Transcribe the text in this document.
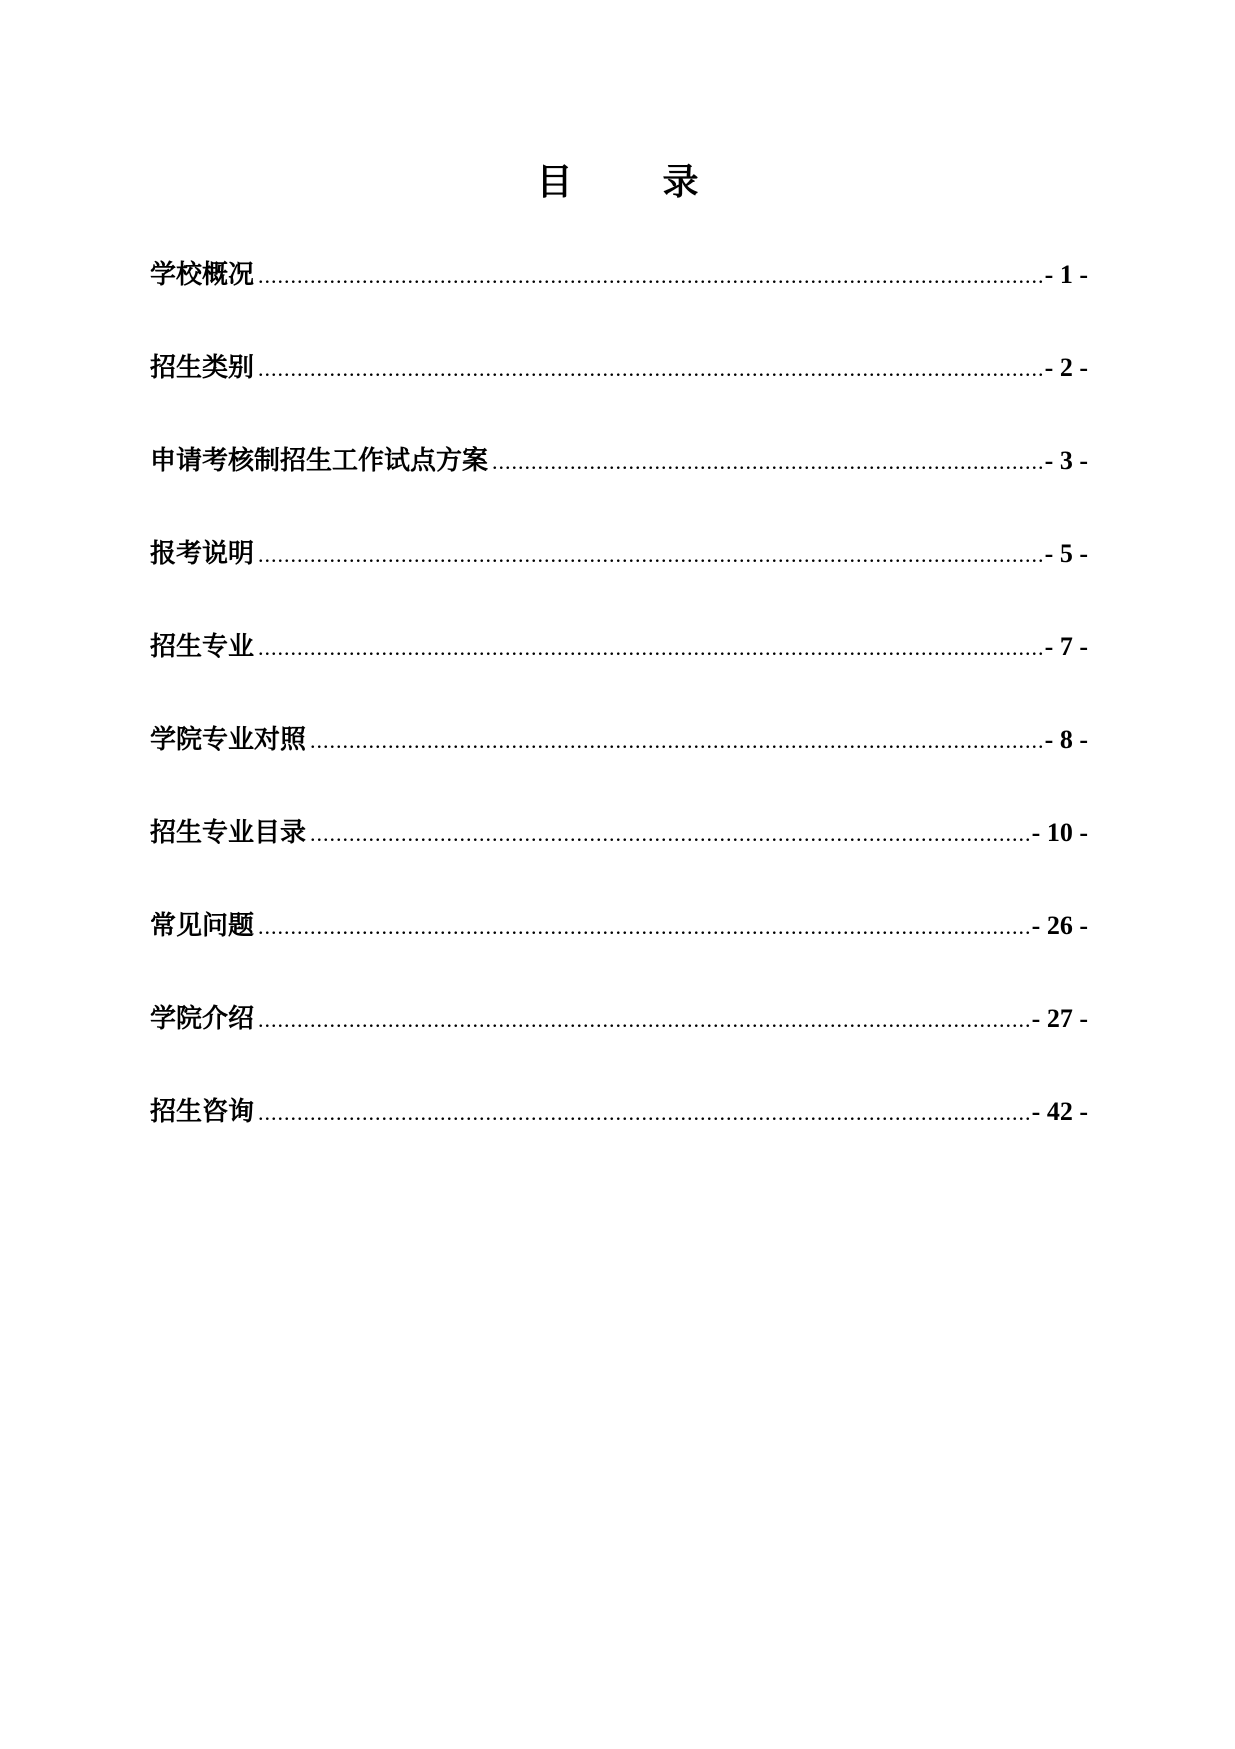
目	录
学校概况 .....	- 1 -
招生类别 .....	- 2 -
申请考核制招生工作试点方案 .....	- 3 -
报考说明 .....	- 5 -
招生专业 .....	- 7 -
学院专业对照 .....	- 8 -
招生专业目录 .....	- 10 -
常见问题 .....	- 26 -
学院介绍 .....	- 27 -
招生咨询 .....	- 42 -
